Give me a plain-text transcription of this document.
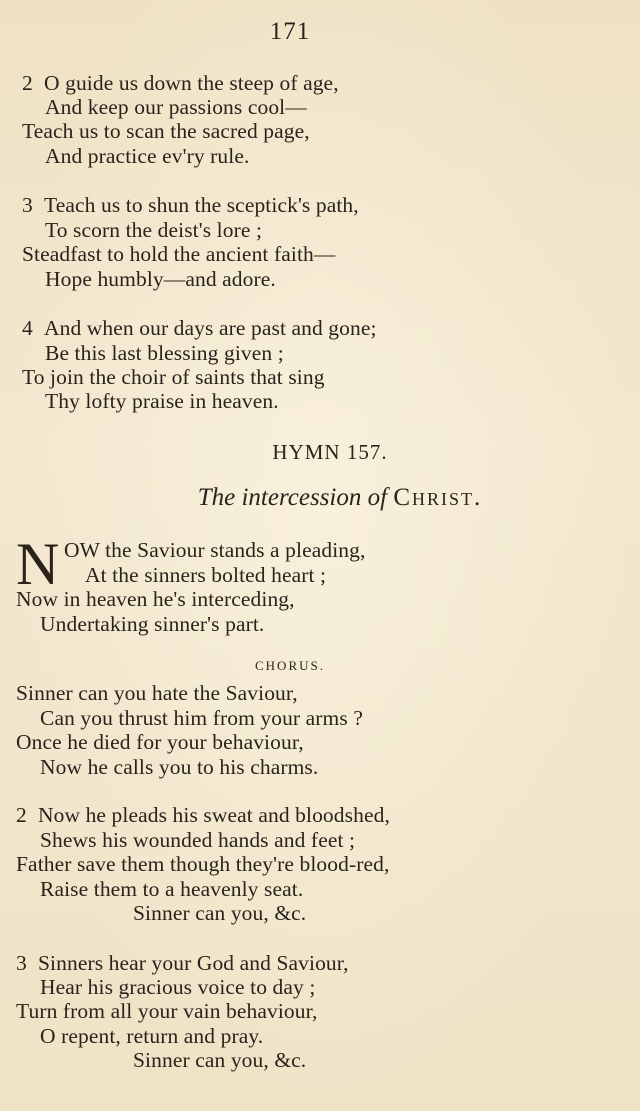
171
2 O guide us down the steep of age,
And keep our passions cool—
Teach us to scan the sacred page,
And practice ev'ry rule.
3 Teach us to shun the sceptick's path,
To scorn the deist's lore ;
Steadfast to hold the ancient faith—
Hope humbly—and adore.
4 And when our days are past and gone;
Be this last blessing given ;
To join the choir of saints that sing
Thy lofty praise in heaven.
HYMN 157.
The intercession of Christ.
N OW the Saviour stands a pleading,
At the sinners bolted heart ;
Now in heaven he's interceding,
Undertaking sinner's part.
CHORUS.
Sinner can you hate the Saviour,
Can you thrust him from your arms ?
Once he died for your behaviour,
Now he calls you to his charms.
2 Now he pleads his sweat and bloodshed,
Shews his wounded hands and feet ;
Father save them though they're blood-red,
Raise them to a heavenly seat.
Sinner can you, &c.
3 Sinners hear your God and Saviour,
Hear his gracious voice to day ;
Turn from all your vain behaviour,
O repent, return and pray.
Sinner can you, &c.
